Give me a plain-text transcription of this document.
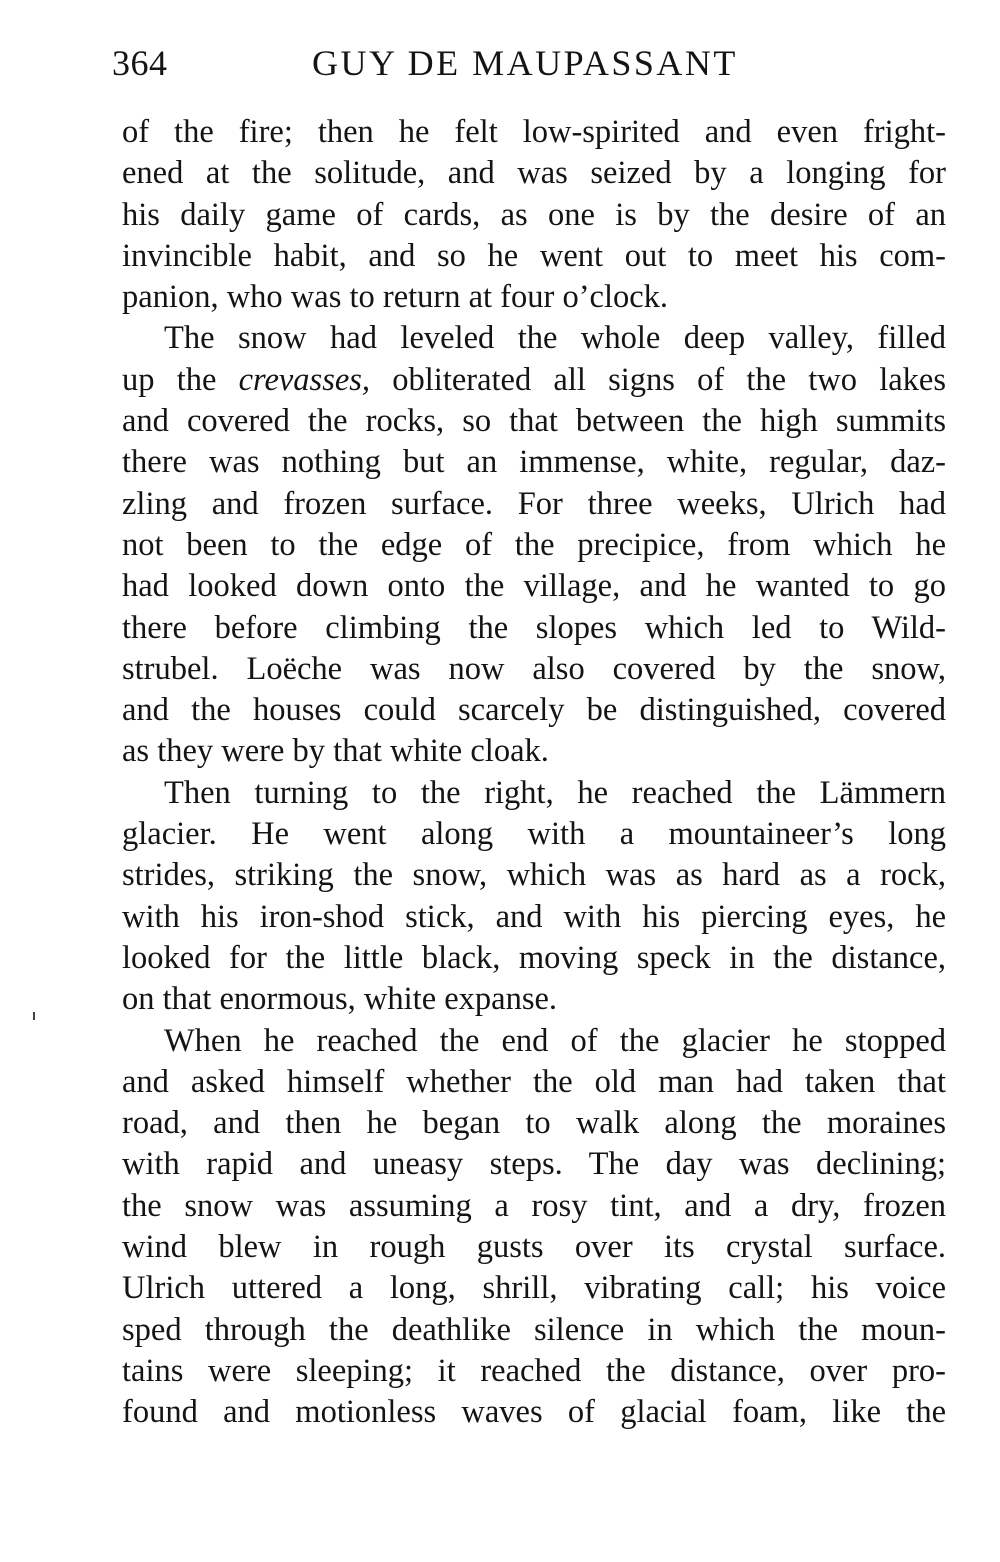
364	GUY DE MAUPASSANT
of the fire; then he felt low-spirited and even fright-
ened at the solitude, and was seized by a longing for
his daily game of cards, as one is by the desire of an
invincible habit, and so he went out to meet his com-
panion, who was to return at four o’clock.
The snow had leveled the whole deep valley, filled
up the crevasses, obliterated all signs of the two lakes
and covered the rocks, so that between the high summits
there was nothing but an immense, white, regular, daz-
zling and frozen surface. For three weeks, Ulrich had
not been to the edge of the precipice, from which he
had looked down onto the village, and he wanted to go
there before climbing the slopes which led to Wild-
strubel. Loëche was now also covered by the snow,
and the houses could scarcely be distinguished, covered
as they were by that white cloak.
Then turning to the right, he reached the Lämmern
glacier. He went along with a mountaineer’s long
strides, striking the snow, which was as hard as a rock,
with his iron-shod stick, and with his piercing eyes, he
looked for the little black, moving speck in the distance,
on that enormous, white expanse.
When he reached the end of the glacier he stopped
and asked himself whether the old man had taken that
road, and then he began to walk along the moraines
with rapid and uneasy steps. The day was declining;
the snow was assuming a rosy tint, and a dry, frozen
wind blew in rough gusts over its crystal surface.
Ulrich uttered a long, shrill, vibrating call; his voice
sped through the deathlike silence in which the moun-
tains were sleeping; it reached the distance, over pro-
found and motionless waves of glacial foam, like the
